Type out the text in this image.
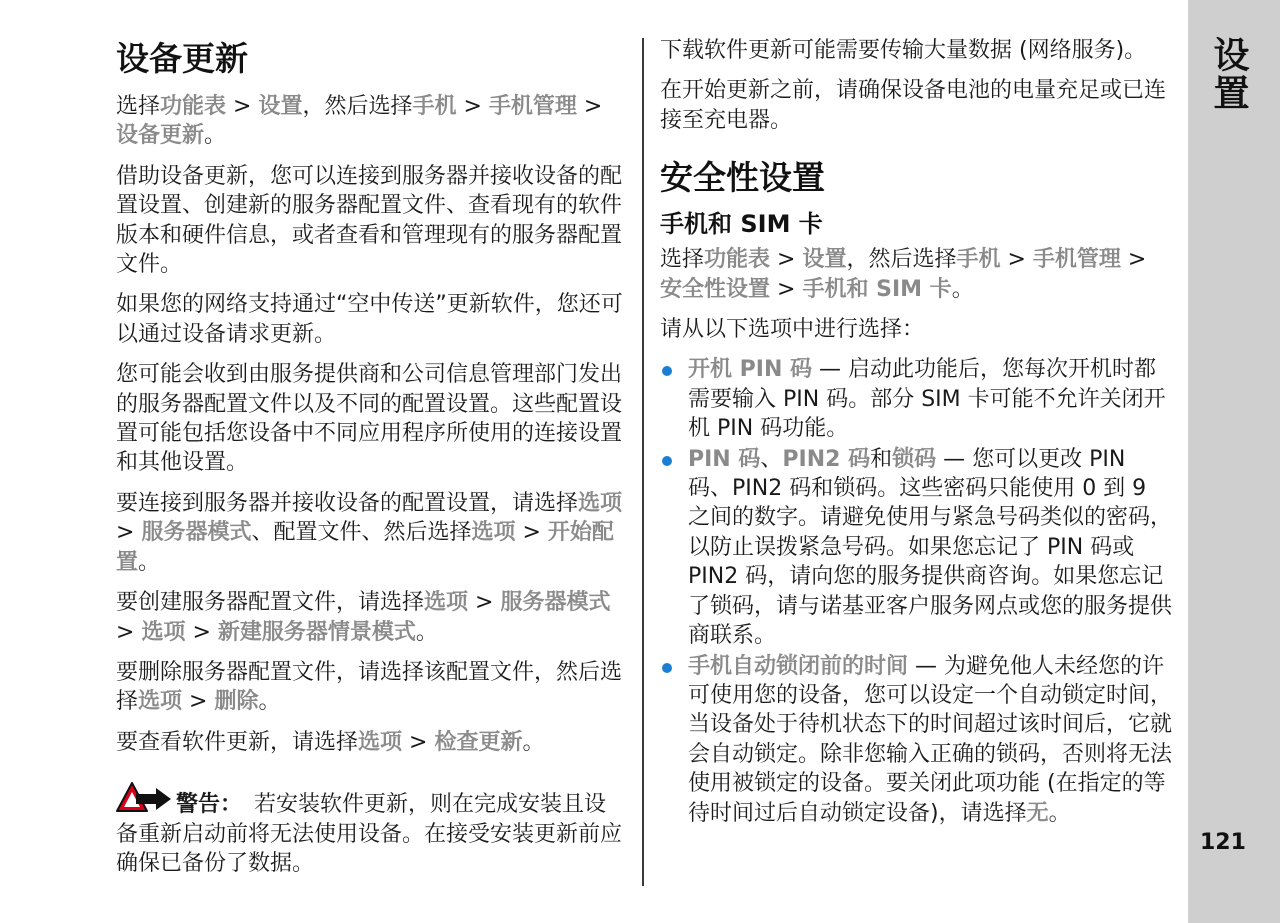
设置
121
设备更新

选择功能表 > 设置，然后选择手机 > 手机管理 > 设备更新。

借助设备更新，您可以连接到服务器并接收设备的配置设置、创建新的服务器配置文件、查看现有的软件版本和硬件信息，或者查看和管理现有的服务器配置文件。

如果您的网络支持通过“空中传送”更新软件，您还可以通过设备请求更新。

您可能会收到由服务提供商和公司信息管理部门发出的服务器配置文件以及不同的配置设置。这些配置设置可能包括您设备中不同应用程序所使用的连接设置和其他设置。

要连接到服务器并接收设备的配置设置，请选择选项 > 服务器模式、配置文件、然后选择选项 > 开始配置。

要创建服务器配置文件，请选择选项 > 服务器模式 > 选项 > 新建服务器情景模式。

要删除服务器配置文件，请选择该配置文件，然后选择选项 > 删除。

要查看软件更新，请选择选项 > 检查更新。

警告： 若安装软件更新，则在完成安装且设备重新启动前将无法使用设备。在接受安装更新前应确保已备份了数据。

下载软件更新可能需要传输大量数据 (网络服务)。

在开始更新之前，请确保设备电池的电量充足或已连接至充电器。

安全性设置
手机和 SIM 卡

选择功能表 > 设置，然后选择手机 > 手机管理 > 安全性设置 > 手机和 SIM 卡。

请从以下选项中进行选择：

开机 PIN 码 — 启动此功能后，您每次开机时都需要输入 PIN 码。部分 SIM 卡可能不允许关闭开机 PIN 码功能。
PIN 码、PIN2 码和锁码 — 您可以更改 PIN 码、PIN2 码和锁码。这些密码只能使用 0 到 9 之间的数字。请避免使用与紧急号码类似的密码，以防止误拨紧急号码。如果您忘记了 PIN 码或 PIN2 码，请向您的服务提供商咨询。如果您忘记了锁码，请与诺基亚客户服务网点或您的服务提供商联系。
手机自动锁闭前的时间 — 为避免他人未经您的许可使用您的设备，您可以设定一个自动锁定时间，当设备处于待机状态下的时间超过该时间后，它就会自动锁定。除非您输入正确的锁码，否则将无法使用被锁定的设备。要关闭此项功能 (在指定的等待时间过后自动锁定设备)，请选择无。
